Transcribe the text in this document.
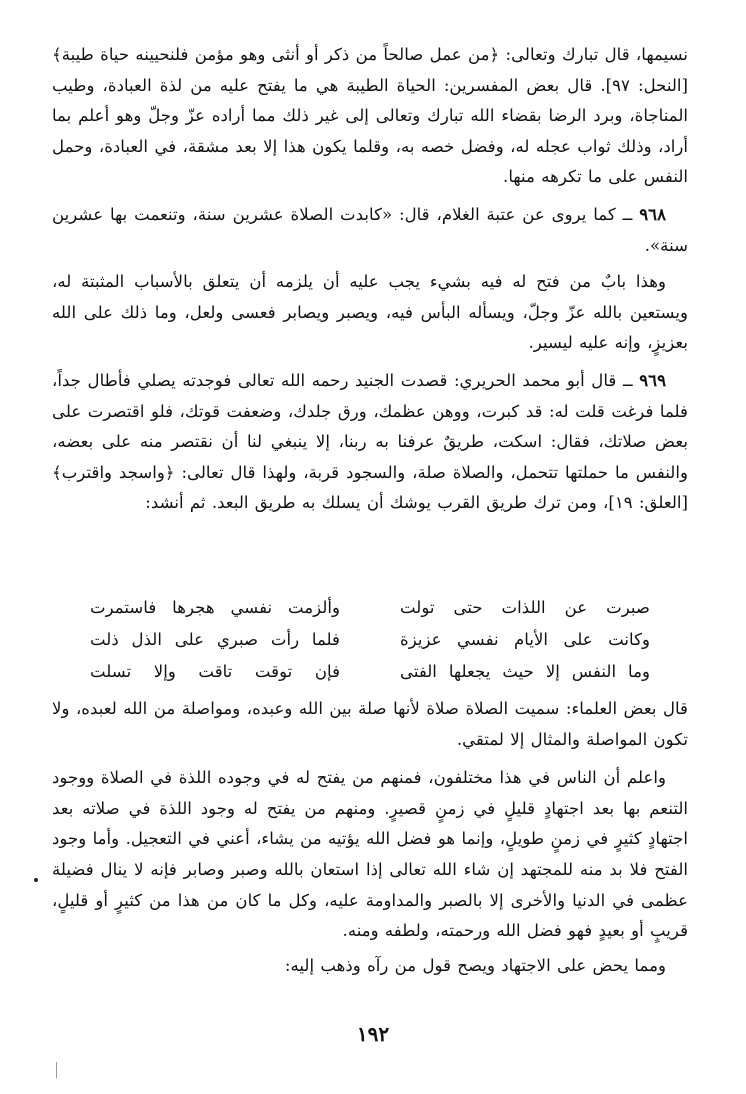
نسيمها، قال تبارك وتعالى: ﴿من عمل صالحاً من ذكر أو أنثى وهو مؤمن فلنحيينه حياة طيبة﴾ [النحل: ٩٧]. قال بعض المفسرين: الحياة الطيبة هي ما يفتح عليه من لذة العبادة، وطيب المناجاة، وبرد الرضا بقضاء الله تبارك وتعالى إلى غير ذلك مما أراده عزّ وجلّ وهو أعلم بما أراد، وذلك ثواب عجله له، وفضل خصه به، وقلما يكون هذا إلا بعد مشقة، في العبادة، وحمل النفس على ما تكرهه منها.

٩٦٨ ــ كما يروى عن عتبة الغلام، قال: «كابدت الصلاة عشرين سنة، وتنعمت بها عشرين سنة».

وهذا بابٌ من فتح له فيه بشيء يجب عليه أن يلزمه أن يتعلق بالأسباب المثبتة له، ويستعين بالله عزّ وجلّ، ويسأله البأس فيه، ويصبر ويصابر فعسى ولعل، وما ذلك على الله بعزيزٍ، وإنه عليه ليسير.

٩٦٩ ــ قال أبو محمد الحريري: قصدت الجنيد رحمه الله تعالى فوجدته يصلي فأطال جداً، فلما فرغت قلت له: قد كبرت، ووهن عظمك، ورق جلدك، وضعفت قوتك، فلو اقتصرت على بعض صلاتك، فقال: اسكت، طريقٌ عرفنا به ربنا، إلا ينبغي لنا أن نقتصر منه على بعضه، والنفس ما حملتها تتحمل، والصلاة صلة، والسجود قربة، ولهذا قال تعالى: ﴿واسجد واقترب﴾ [العلق: ١٩]، ومن ترك طريق القرب يوشك أن يسلك به طريق البعد. ثم أنشد:

صبرت عن اللذات حتى تولت
وألزمت نفسي هجرها فاستمرت
وكانت على الأيام نفسي عزيزة
فلما رأت صبري على الذل ذلت
وما النفس إلا حيث يجعلها الفتى
فإن توقت تاقت وإلا تسلت

قال بعض العلماء: سميت الصلاة صلاة لأنها صلة بين الله وعبده، ومواصلة من الله لعبده، ولا تكون المواصلة والمثال إلا لمتقي.

واعلم أن الناس في هذا مختلفون، فمنهم من يفتح له في وجوده اللذة في الصلاة ووجود التنعم بها بعد اجتهادٍ قليلٍ في زمنٍ قصيرٍ. ومنهم من يفتح له وجود اللذة في صلاته بعد اجتهادٍ كثيرٍ في زمنٍ طويلٍ، وإنما هو فضل الله يؤتيه من يشاء، أعني في التعجيل. وأما وجود الفتح فلا بد منه للمجتهد إن شاء الله تعالى إذا استعان بالله وصبر وصابر فإنه لا ينال فضيلة عظمى في الدنيا والأخرى إلا بالصبر والمداومة عليه، وكل ما كان من هذا من كثيرٍ أو قليلٍ، قريبٍ أو بعيدٍ فهو فضل الله ورحمته، ولطفه ومنه.

ومما يحض على الاجتهاد ويصح قول من رآه وذهب إليه:

١٩٢
